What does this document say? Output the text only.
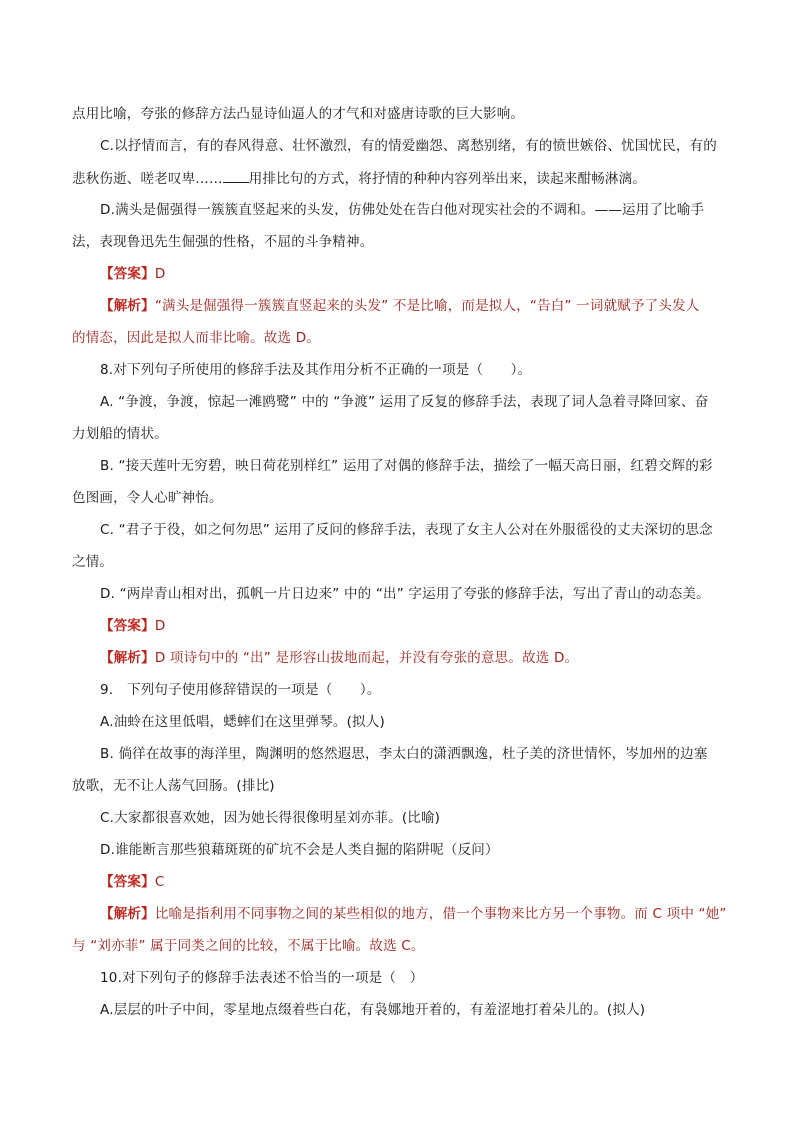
点用比喻，夸张的修辞方法凸显诗仙逼人的才气和对盛唐诗歌的巨大影响。
C.以抒情而言，有的春风得意、壮怀激烈，有的情爱幽怨、离愁别绪，有的愤世嫉俗、忧国忧民，有的
悲秋伤逝、嗟老叹卑…… 用排比句的方式，将抒情的种种内容列举出来，读起来酣畅淋漓。
D.满头是倔强得一簇簇直竖起来的头发，仿佛处处在告白他对现实社会的不调和。——运用了比喻手
法，表现鲁迅先生倔强的性格，不屈的斗争精神。
【答案】D
【解析】“满头是倔强得一簇簇直竖起来的头发” 不是比喻，而是拟人，“告白” 一词就赋予了头发人
的情态，因此是拟人而非比喻。故选 D。
8.对下列句子所使用的修辞手法及其作用分析不正确的一项是（　　）。
A. “争渡，争渡，惊起一滩鸥鹭” 中的 “争渡” 运用了反复的修辞手法，表现了词人急着寻降回家、奋
力划船的情状。
B. “接天莲叶无穷碧，映日荷花别样红” 运用了对偶的修辞手法，描绘了一幅天高日丽，红碧交辉的彩
色图画，令人心旷神怡。
C. “君子于役，如之何勿思” 运用了反问的修辞手法，表现了女主人公对在外服徭役的丈夫深切的思念
之情。
D. “两岸青山相对出，孤帆一片日边来” 中的 “出” 字运用了夸张的修辞手法，写出了青山的动态美。
【答案】D
【解析】D 项诗句中的 “出” 是形容山拔地而起，并没有夸张的意思。故选 D。
9.　下列句子使用修辞错误的一项是（　　）。
A.油蛉在这里低唱，蟋蟀们在这里弹琴。(拟人)
B. 倘徉在故事的海洋里，陶渊明的悠然遐思，李太白的潇洒飘逸，杜子美的济世情怀，岑加州的边塞
放歌，无不让人荡气回肠。(排比)
C.大家都很喜欢她，因为她长得很像明星刘亦菲。(比喻)
D.谁能断言那些狼藉斑斑的矿坑不会是人类自掘的陷阱呢（反问）
【答案】C
【解析】比喻是指利用不同事物之间的某些相似的地方，借一个事物来比方另一个事物。而 C 项中 “她”
与 “刘亦菲” 属于同类之间的比较，不属于比喻。故选 C。
10.对下列句子的修辞手法表述不恰当的一项是（　）
A.层层的叶子中间，零星地点缀着些白花，有袅娜地开着的，有羞涩地打着朵儿的。(拟人)
